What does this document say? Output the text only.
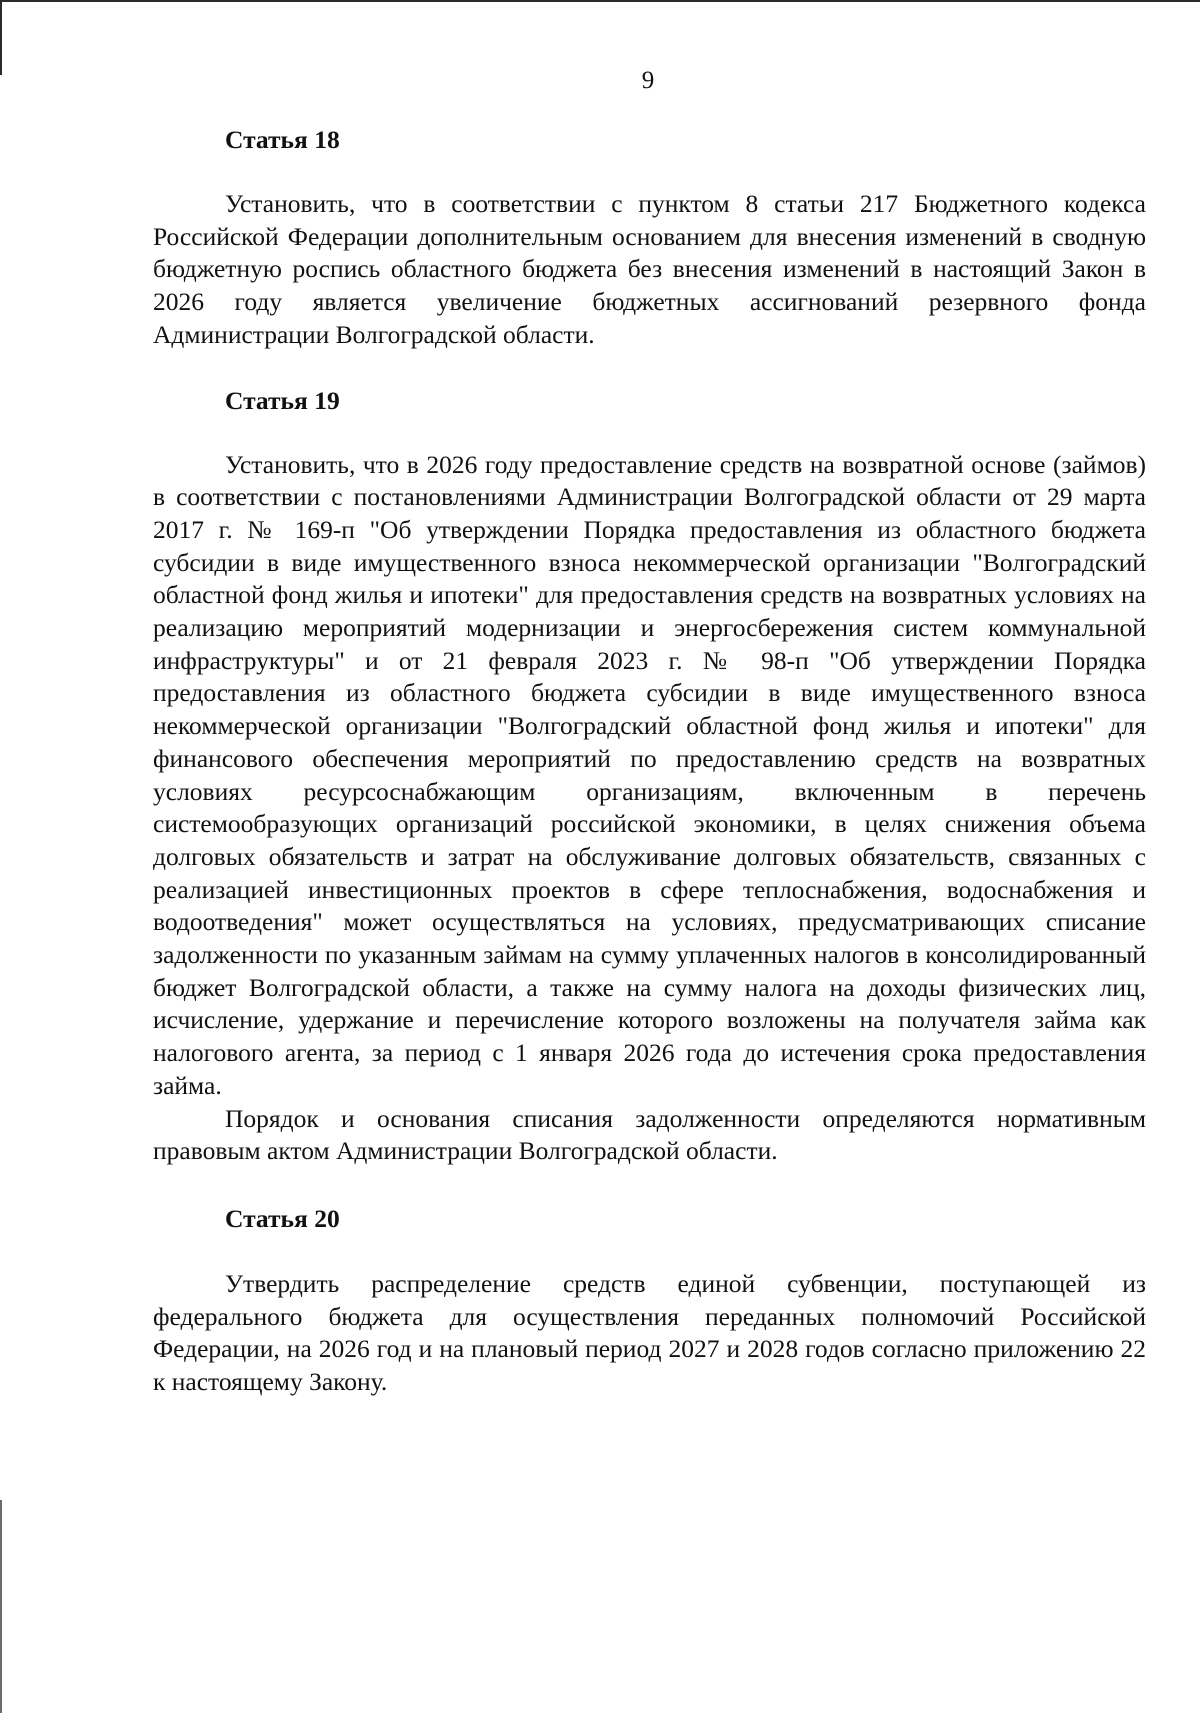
9
Статья 18

Установить, что в соответствии с пунктом 8 статьи 217 Бюджетного кодекса Российской Федерации дополнительным основанием для внесения изменений в сводную бюджетную роспись областного бюджета без внесения изменений в настоящий Закон в 2026 году является увеличение бюджетных ассигнований резервного фонда Администрации Волгоградской области.

Статья 19

Установить, что в 2026 году предоставление средств на возвратной основе (займов) в соответствии с постановлениями Администрации Волгоградской области от 29 марта 2017 г. № 169-п "Об утверждении Порядка предоставления из областного бюджета субсидии в виде имущественного взноса некоммерческой организации "Волгоградский областной фонд жилья и ипотеки" для предоставления средств на возвратных условиях на реализацию мероприятий модернизации и энергосбережения систем коммунальной инфраструктуры" и от 21 февраля 2023 г. № 98-п "Об утверждении Порядка предоставления из областного бюджета субсидии в виде имущественного взноса некоммерческой организации "Волгоградский областной фонд жилья и ипотеки" для финансового обеспечения мероприятий по предоставлению средств на возвратных условиях ресурсоснабжающим организациям, включенным в перечень системообразующих организаций российской экономики, в целях снижения объема долговых обязательств и затрат на обслуживание долговых обязательств, связанных с реализацией инвестиционных проектов в сфере теплоснабжения, водоснабжения и водоотведения" может осуществляться на условиях, предусматривающих списание задолженности по указанным займам на сумму уплаченных налогов в консолидированный бюджет Волгоградской области, а также на сумму налога на доходы физических лиц, исчисление, удержание и перечисление которого возложены на получателя займа как налогового агента, за период с 1 января 2026 года до истечения срока предоставления займа.

Порядок и основания списания задолженности определяются нормативным правовым актом Администрации Волгоградской области.

Статья 20

Утвердить распределение средств единой субвенции, поступающей из федерального бюджета для осуществления переданных полномочий Российской Федерации, на 2026 год и на плановый период 2027 и 2028 годов согласно приложению 22 к настоящему Закону.
